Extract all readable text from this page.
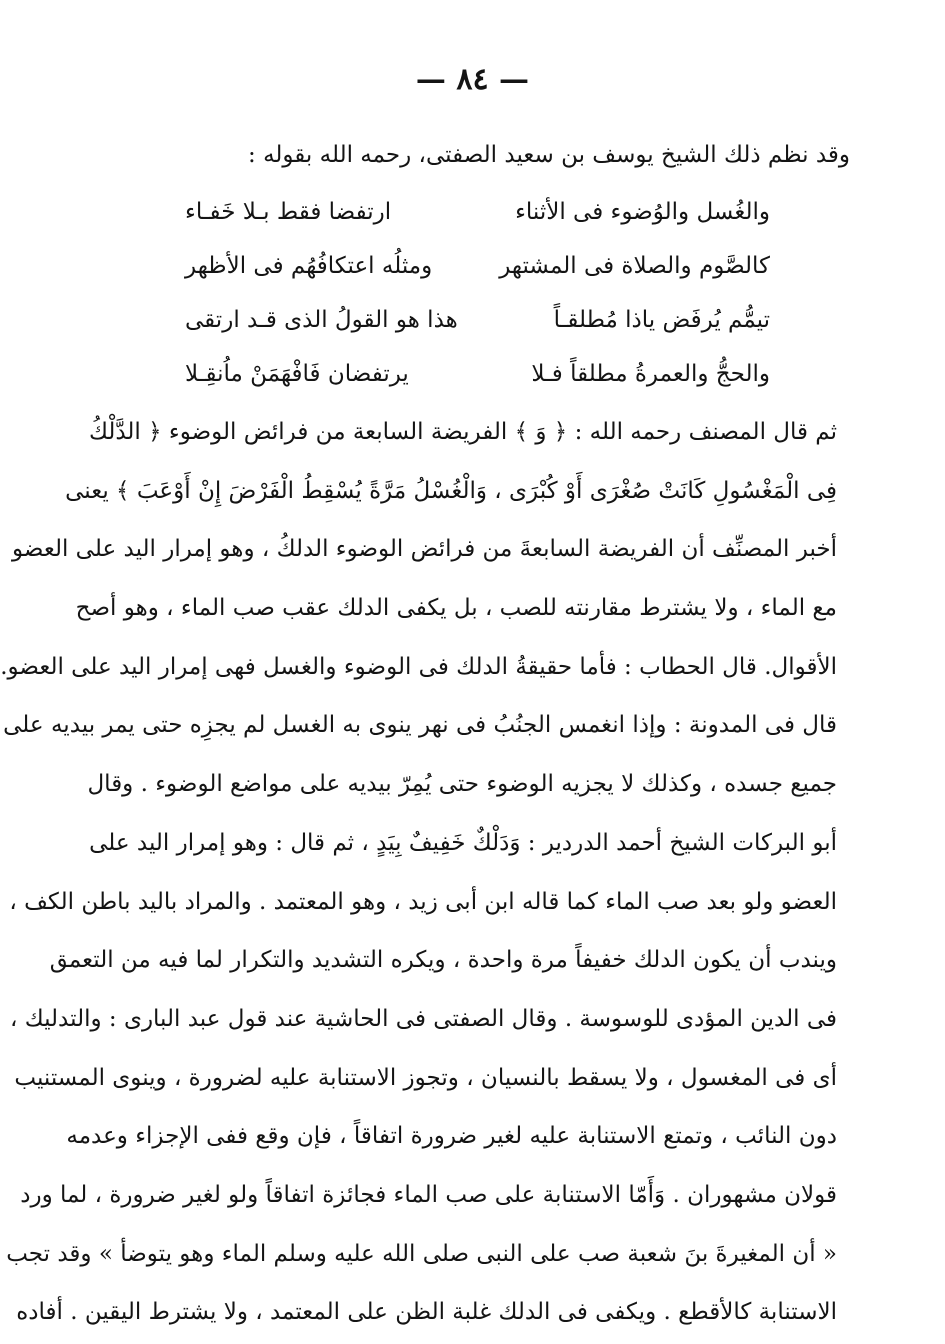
— ٨٤ —
وقد نظم ذلك الشيخ يوسف بن سعيد الصفتى، رحمه الله بقوله :
والغُسل والوُضوء فى الأثناء
ارتفضا فقط بـلا خَفـاء
كالصَّوم والصلاة فى المشتهر
ومثلُه اعتكافُهُم فى الأظهر
تيمُّم يُرفَض ياذا مُطلقـاً
هذا هو القولُ الذى قـد ارتقى
والحجُّ والعمرةُ مطلقاً فـلا
يرتفضان فَافْهَمَنْ ماُنقِـلا
ثم قال المصنف رحمه الله : ﴿ وَ ﴾ الفريضة السابعة من فرائض الوضوء ﴿ الدَّلْكُ
فِى الْمَغْسُولِ كَانَتْ صُغْرَى أَوْ كُبْرَى ، وَالْغُسْلُ مَرَّةً يُسْقِطُ الْفَرْضَ إِنْ أَوْعَبَ ﴾ يعنى
أخبر المصنِّف أن الفريضة السابعةَ من فرائض الوضوء الدلكُ ، وهو إمرار اليد على العضو
مع الماء ، ولا يشترط مقارنته للصب ، بل يكفى الدلك عقب صب الماء ، وهو أصح
الأقوال. قال الحطاب : فأما حقيقةُ الدلك فى الوضوء والغسل فهى إمرار اليد على العضو.
قال فى المدونة : وإذا انغمس الجنُبُ فى نهر ينوى به الغسل لم يجزِه حتى يمر بيديه على
جميع جسده ، وكذلك لا يجزيه الوضوء حتى يُمِرّ بيديه على مواضع الوضوء . وقال
أبو البركات الشيخ أحمد الدردير : وَدَلْكٌ خَفِيفٌ بِيَدٍ ، ثم قال : وهو إمرار اليد على
العضو ولو بعد صب الماء كما قاله ابن أبى زيد ، وهو المعتمد . والمراد باليد باطن الكف ،
ويندب أن يكون الدلك خفيفاً مرة واحدة ، ويكره التشديد والتكرار لما فيه من التعمق
فى الدين المؤدى للوسوسة . وقال الصفتى فى الحاشية عند قول عبد البارى : والتدليك ،
أى فى المغسول ، ولا يسقط بالنسيان ، وتجوز الاستنابة عليه لضرورة ، وينوى المستنيب
دون النائب ، وتمتع الاستنابة عليه لغير ضرورة اتفاقاً ، فإن وقع ففى الإجزاء وعدمه
قولان مشهوران . وَأَمّا الاستنابة على صب الماء فجائزة اتفاقاً ولو لغير ضرورة ، لما ورد
« أن المغيرةَ بنَ شعبة صب على النبى صلى الله عليه وسلم الماء وهو يتوضأ » وقد تجب
الاستنابة كالأقطع . ويكفى فى الدلك غلبة الظن على المعتمد ، ولا يشترط اليقين . أفاده
